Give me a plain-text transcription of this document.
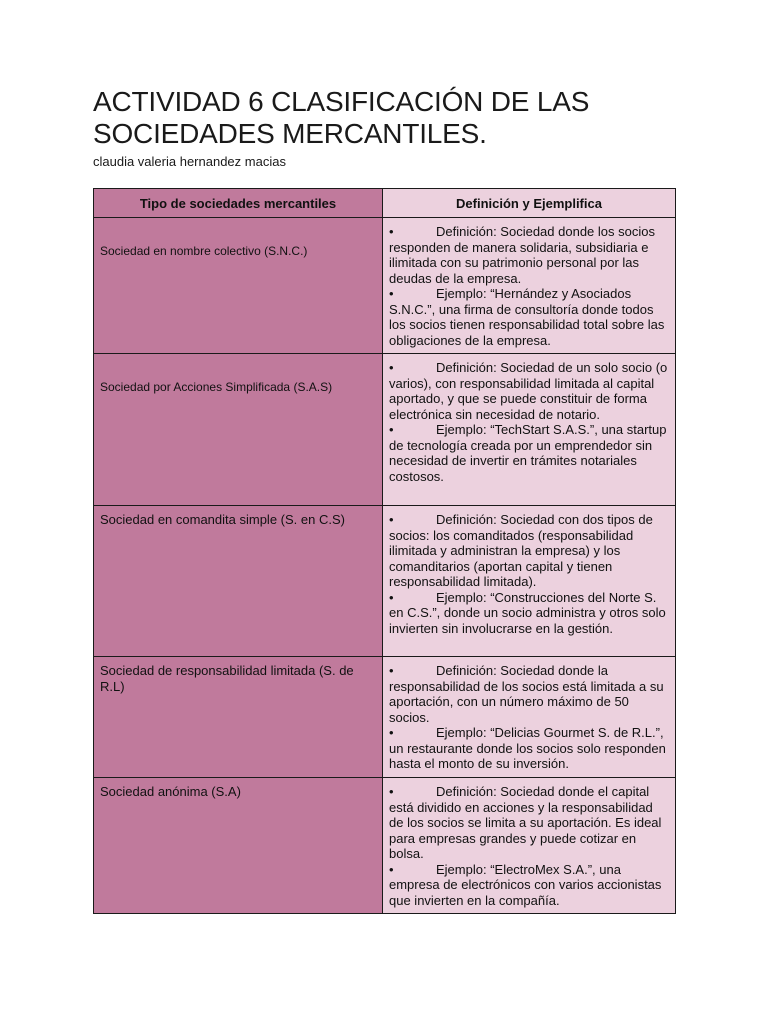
ACTIVIDAD 6 CLASIFICACIÓN DE LAS SOCIEDADES MERCANTILES.

claudia valeria hernandez macias

Tipo de sociedades mercantiles	Definición y Ejemplifica

Sociedad en nombre colectivo (S.N.C.)	• Definición: Sociedad donde los socios responden de manera solidaria, subsidiaria e ilimitada con su patrimonio personal por las deudas de la empresa.
• Ejemplo: “Hernández y Asociados S.N.C.”, una firma de consultoría donde todos los socios tienen responsabilidad total sobre las obligaciones de la empresa.

Sociedad por Acciones Simplificada (S.A.S)	• Definición: Sociedad de un solo socio (o varios), con responsabilidad limitada al capital aportado, y que se puede constituir de forma electrónica sin necesidad de notario.
• Ejemplo: “TechStart S.A.S.”, una startup de tecnología creada por un emprendedor sin necesidad de invertir en trámites notariales costosos.

Sociedad en comandita simple (S. en C.S)	• Definición: Sociedad con dos tipos de socios: los comanditados (responsabilidad ilimitada y administran la empresa) y los comanditarios (aportan capital y tienen responsabilidad limitada).
• Ejemplo: “Construcciones del Norte S. en C.S.”, donde un socio administra y otros solo invierten sin involucrarse en la gestión.

Sociedad de responsabilidad limitada (S. de R.L)	• Definición: Sociedad donde la responsabilidad de los socios está limitada a su aportación, con un número máximo de 50 socios.
• Ejemplo: “Delicias Gourmet S. de R.L.”, un restaurante donde los socios solo responden hasta el monto de su inversión.

Sociedad anónima (S.A)	• Definición: Sociedad donde el capital está dividido en acciones y la responsabilidad de los socios se limita a su aportación. Es ideal para empresas grandes y puede cotizar en bolsa.
• Ejemplo: “ElectroMex S.A.”, una empresa de electrónicos con varios accionistas que invierten en la compañía.
